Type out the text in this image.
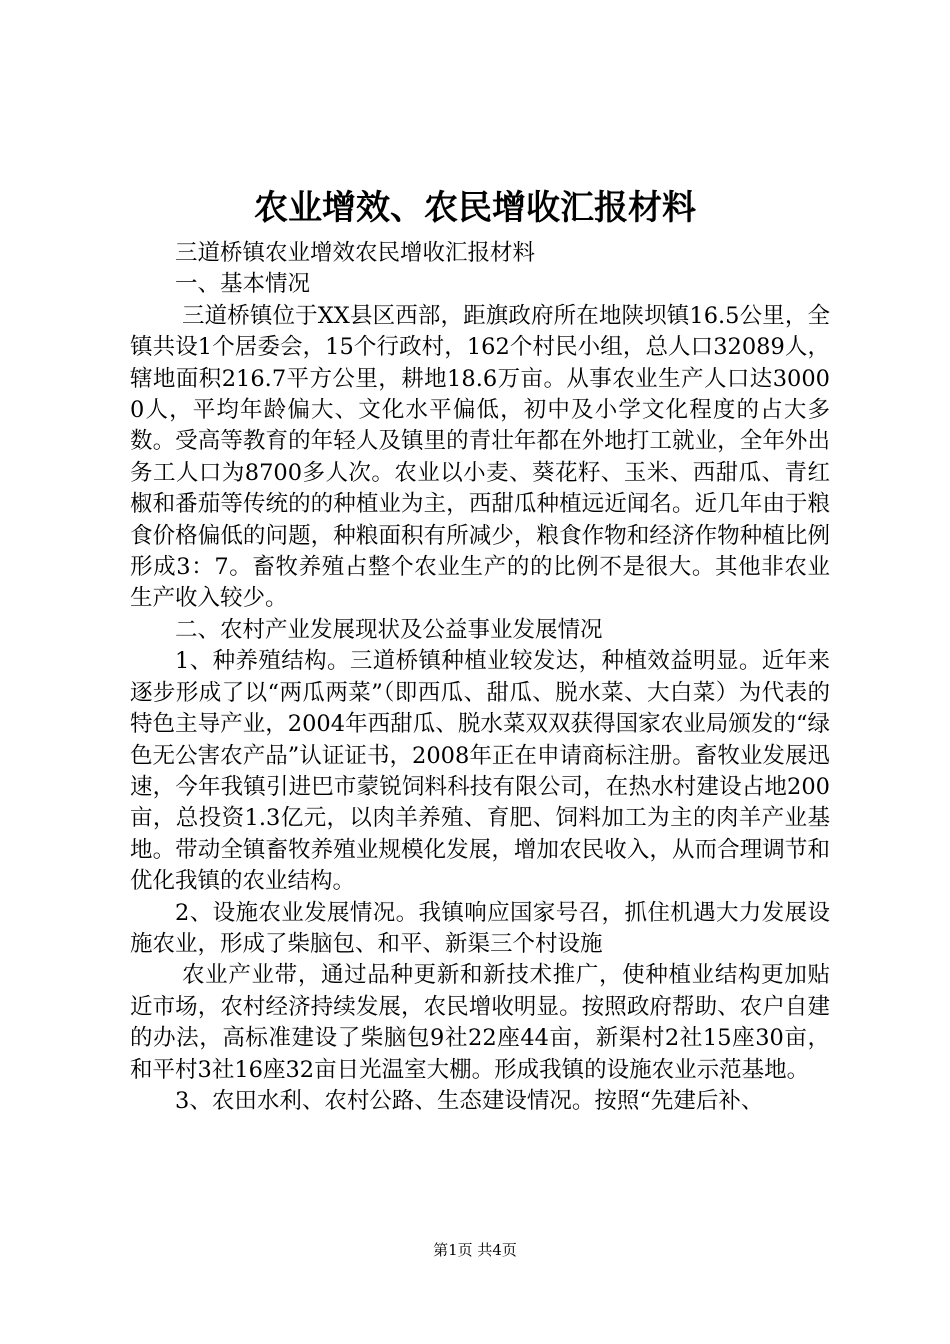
农业增效、农民增收汇报材料

三道桥镇农业增效农民增收汇报材料

一、基本情况

三道桥镇位于XX县区西部，距旗政府所在地陕坝镇16.5公里，全镇共设1个居委会，15个行政村，162个村民小组，总人口32089人，辖地面积216.7平方公里，耕地18.6万亩。从事农业生产人口达30000人，平均年龄偏大、文化水平偏低，初中及小学文化程度的占大多数。受高等教育的年轻人及镇里的青壮年都在外地打工就业，全年外出务工人口为8700多人次。农业以小麦、葵花籽、玉米、西甜瓜、青红椒和番茄等传统的的种植业为主，西甜瓜种植远近闻名。近几年由于粮食价格偏低的问题，种粮面积有所减少，粮食作物和经济作物种植比例形成3：7。畜牧养殖占整个农业生产的的比例不是很大。其他非农业生产收入较少。

二、农村产业发展现状及公益事业发展情况

1、种养殖结构。三道桥镇种植业较发达，种植效益明显。近年来逐步形成了以“两瓜两菜”（即西瓜、甜瓜、脱水菜、大白菜）为代表的特色主导产业，2004年西甜瓜、脱水菜双双获得国家农业局颁发的“绿色无公害农产品”认证证书，2008年正在申请商标注册。畜牧业发展迅速，今年我镇引进巴市蒙锐饲料科技有限公司，在热水村建设占地200亩，总投资1.3亿元，以肉羊养殖、育肥、饲料加工为主的肉羊产业基地。带动全镇畜牧养殖业规模化发展，增加农民收入，从而合理调节和优化我镇的农业结构。

2、设施农业发展情况。我镇响应国家号召，抓住机遇大力发展设施农业，形成了柴脑包、和平、新渠三个村设施

农业产业带，通过品种更新和新技术推广，使种植业结构更加贴近市场，农村经济持续发展，农民增收明显。按照政府帮助、农户自建的办法，高标准建设了柴脑包9社22座44亩，新渠村2社15座30亩，和平村3社16座32亩日光温室大棚。形成我镇的设施农业示范基地。

3、农田水利、农村公路、生态建设情况。按照“先建后补、

第1页 共4页
